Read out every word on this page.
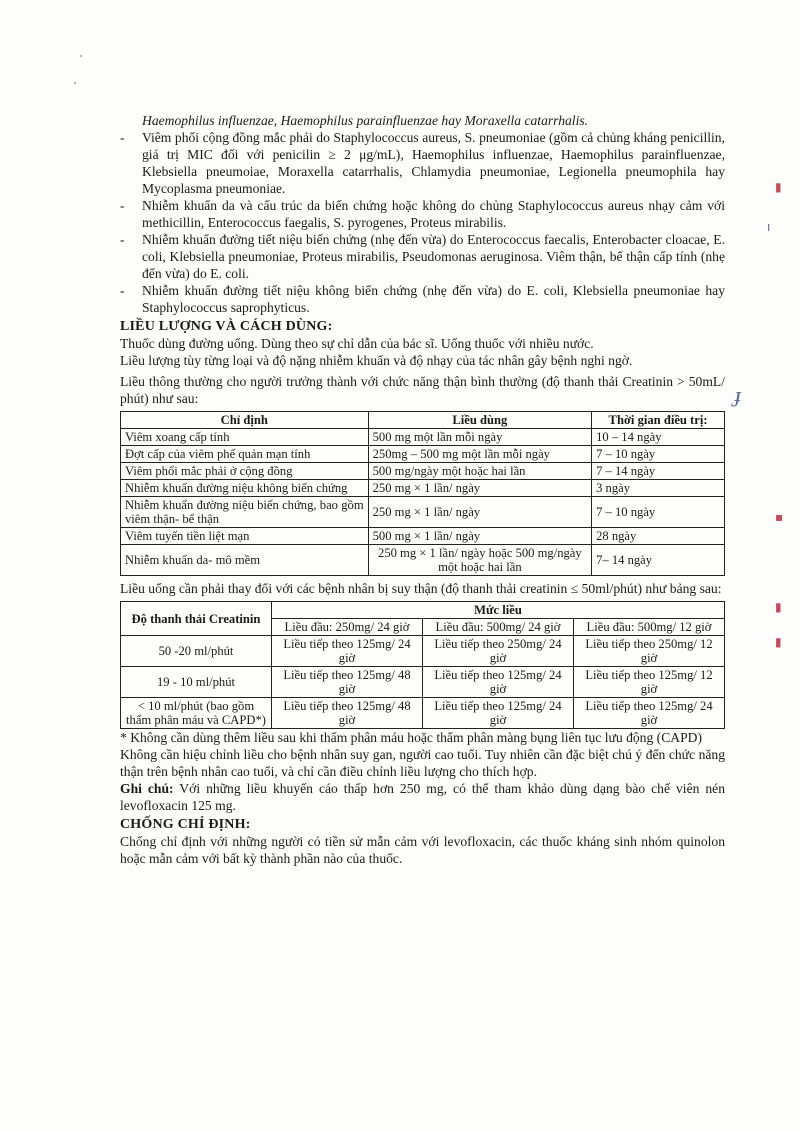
Haemophilus influenzae, Haemophilus parainfluenzae hay Moraxella catarrhalis.

- Viêm phổi cộng đồng mắc phải do Staphylococcus aureus, S. pneumoniae (gồm cả chủng kháng penicillin, giá trị MIC đối với penicilin ≥ 2 μg/mL), Haemophilus influenzae, Haemophilus parainfluenzae, Klebsiella pneumoiae, Moraxella catarrhalis, Chlamydia pneumoniae, Legionella pneumophila hay Mycoplasma pneumoniae.
- Nhiễm khuẩn da và cấu trúc da biến chứng hoặc không do chủng Staphylococcus aureus nhạy cảm với methicillin, Enterococcus faegalis, S. pyrogenes, Proteus mirabilis.
- Nhiễm khuẩn đường tiết niệu biến chứng (nhẹ đến vừa) do Enterococcus faecalis, Enterobacter cloacae, E. coli, Klebsiella pneumoniae, Proteus mirabilis, Pseudomonas aeruginosa. Viêm thận, bể thận cấp tính (nhẹ đến vừa) do E. coli.
- Nhiễm khuẩn đường tiết niệu không biến chứng (nhẹ đến vừa) do E. coli, Klebsiella pneumoniae hay Staphylococcus saprophyticus.
LIỀU LƯỢNG VÀ CÁCH DÙNG:

Thuốc dùng đường uống. Dùng theo sự chỉ dẫn của bác sĩ. Uống thuốc với nhiều nước.

Liều lượng tùy từng loại và độ nặng nhiễm khuẩn và độ nhạy của tác nhân gây bệnh nghi ngờ.

Liều thông thường cho người trưởng thành với chức năng thận bình thường (độ thanh thải Creatinin > 50mL/ phút) như sau:

Chỉ định	Liều dùng	Thời gian điều trị:
Viêm xoang cấp tính	500 mg một lần mỗi ngày	10 – 14 ngày
Đợt cấp của viêm phế quản mạn tính	250mg – 500 mg một lần mỗi ngày	7 – 10 ngày
Viêm phổi mắc phải ở cộng đồng	500 mg/ngày một hoặc hai lần	7 – 14 ngày
Nhiễm khuẩn đường niệu không biến chứng	250 mg × 1 lần/ ngày	3 ngày
Nhiễm khuẩn đường niệu biến chứng, bao gồm viêm thận- bể thận	250 mg × 1 lần/ ngày	7 – 10 ngày
Viêm tuyến tiền liệt mạn	500 mg × 1 lần/ ngày	28 ngày
Nhiễm khuẩn da- mô mềm	250 mg × 1 lần/ ngày hoặc 500 mg/ngày một hoặc hai lần	7– 14 ngày

Liều uống cần phải thay đổi với các bệnh nhân bị suy thận (độ thanh thải creatinin ≤ 50ml/phút) như bảng sau:

Độ thanh thải Creatinin	Mức liều		
	Liều đầu: 250mg/ 24 giờ	Liều đầu: 500mg/ 24 giờ	Liều đầu: 500mg/ 12 giờ
50 -20 ml/phút	Liều tiếp theo 125mg/ 24 giờ	Liều tiếp theo 250mg/ 24 giờ	Liều tiếp theo 250mg/ 12 giờ
19 - 10 ml/phút	Liều tiếp theo 125mg/ 48 giờ	Liều tiếp theo 125mg/ 24 giờ	Liều tiếp theo 125mg/ 12 giờ
< 10 ml/phút (bao gồm thẩm phân máu và CAPD*)	Liều tiếp theo 125mg/ 48 giờ	Liều tiếp theo 125mg/ 24 giờ	Liều tiếp theo 125mg/ 24 giờ

* Không cần dùng thêm liều sau khi thẩm phân máu hoặc thẩm phân màng bụng liên tục lưu động (CAPD)

Không cần hiệu chỉnh liều cho bệnh nhân suy gan, người cao tuổi. Tuy nhiên cần đặc biệt chú ý đến chức năng thận trên bệnh nhân cao tuổi, và chỉ cần điều chỉnh liều lượng cho thích hợp.

Ghi chú: Với những liều khuyến cáo thấp hơn 250 mg, có thể tham khảo dùng dạng bào chế viên nén levofloxacin 125 mg.

CHỐNG CHỈ ĐỊNH:

Chống chỉ định với những người có tiền sử mẫn cảm với levofloxacin, các thuốc kháng sinh nhóm quinolon hoặc mẫn cảm với bất kỳ thành phần nào của thuốc.

ɟ
▮
ı
▪
▮
▮
